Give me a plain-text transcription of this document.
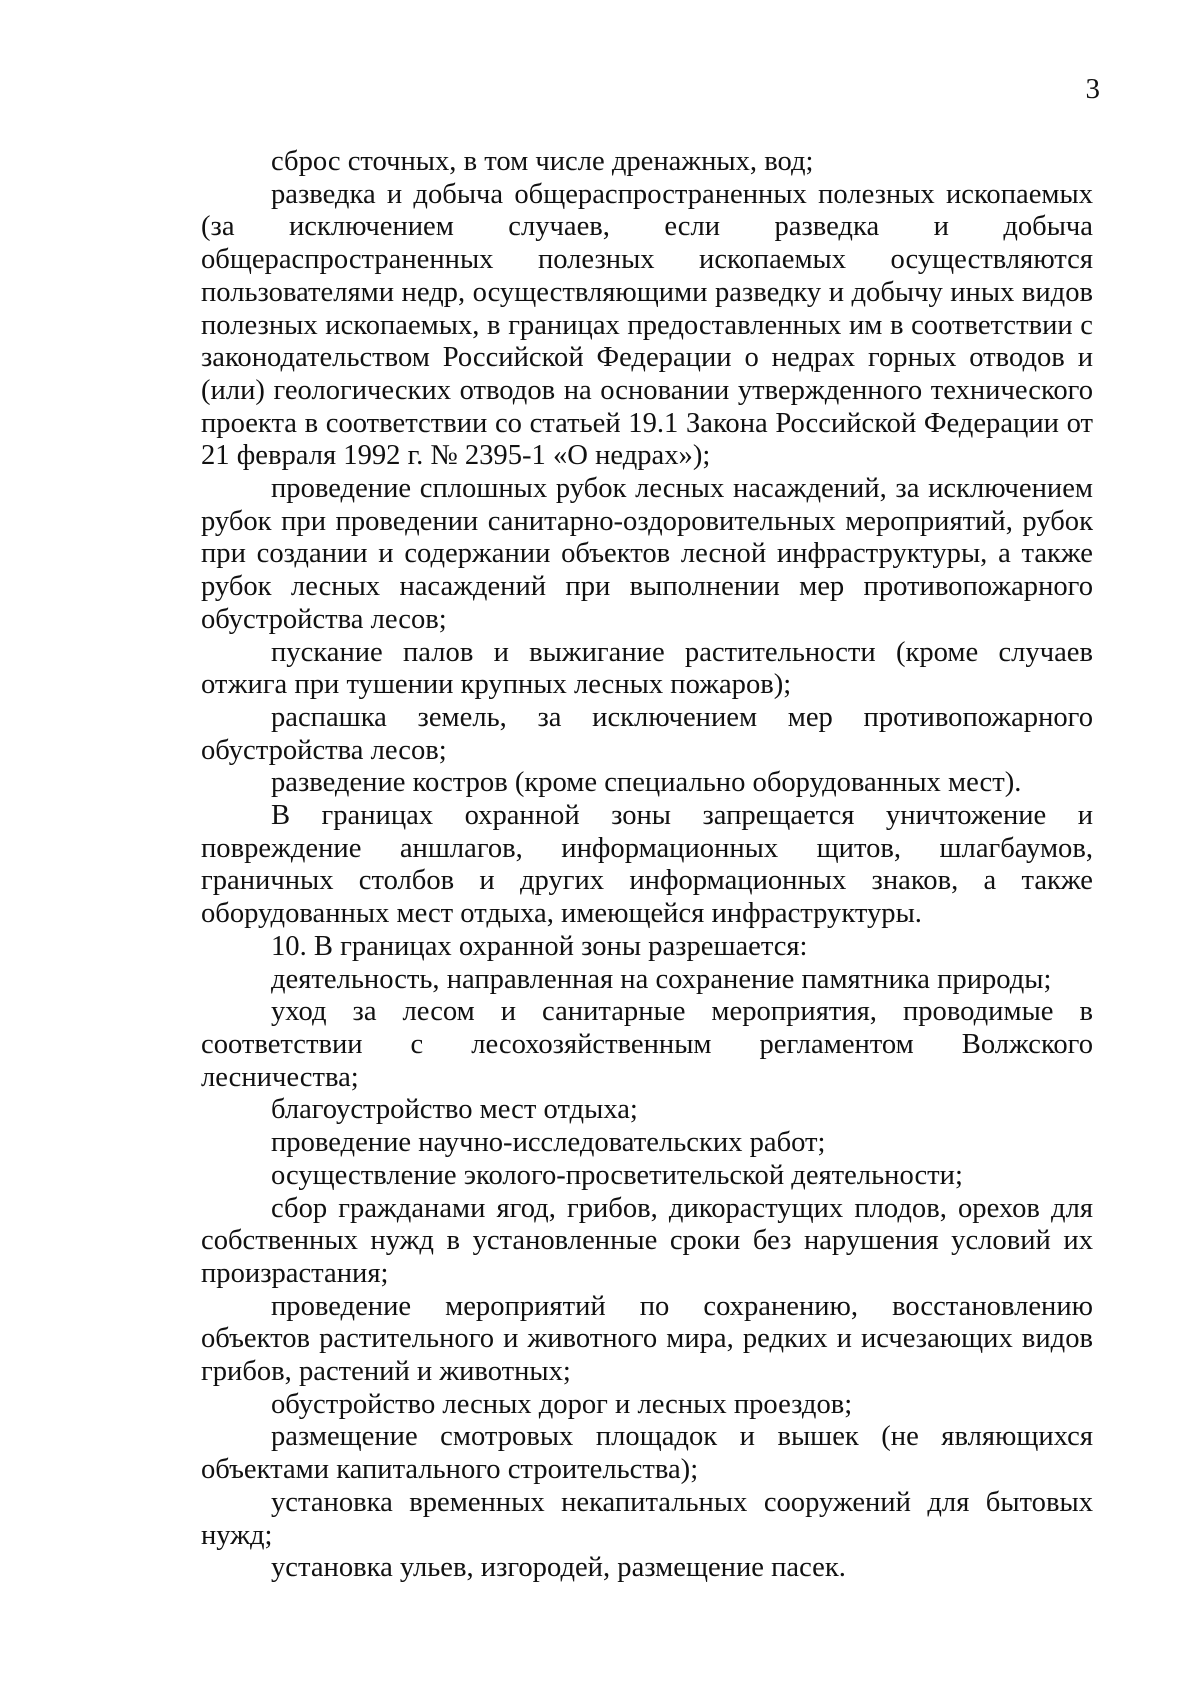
3

сброс сточных, в том числе дренажных, вод;

разведка и добыча общераспространенных полезных ископаемых (за исключением случаев, если разведка и добыча общераспространенных полезных ископаемых осуществляются пользователями недр, осуществляющими разведку и добычу иных видов полезных ископаемых, в границах предоставленных им в соответствии с законодательством Российской Федерации о недрах горных отводов и (или) геологических отводов на основании утвержденного технического проекта в соответствии со статьей 19.1 Закона Российской Федерации от 21 февраля 1992 г. № 2395-1 «О недрах»);

проведение сплошных рубок лесных насаждений, за исключением рубок при проведении санитарно-оздоровительных мероприятий, рубок при создании и содержании объектов лесной инфраструктуры, а также рубок лесных насаждений при выполнении мер противопожарного обустройства лесов;

пускание палов и выжигание растительности (кроме случаев отжига при тушении крупных лесных пожаров);

распашка земель, за исключением мер противопожарного обустройства лесов;

разведение костров (кроме специально оборудованных мест).

В границах охранной зоны запрещается уничтожение и повреждение аншлагов, информационных щитов, шлагбаумов, граничных столбов и других информационных знаков, а также оборудованных мест отдыха, имеющейся инфраструктуры.

10. В границах охранной зоны разрешается:

деятельность, направленная на сохранение памятника природы;

уход за лесом и санитарные мероприятия, проводимые в соответствии с лесохозяйственным регламентом Волжского лесничества;

благоустройство мест отдыха;

проведение научно-исследовательских работ;

осуществление эколого-просветительской деятельности;

сбор гражданами ягод, грибов, дикорастущих плодов, орехов для собственных нужд в установленные сроки без нарушения условий их произрастания;

проведение мероприятий по сохранению, восстановлению объектов растительного и животного мира, редких и исчезающих видов грибов, растений и животных;

обустройство лесных дорог и лесных проездов;

размещение смотровых площадок и вышек (не являющихся объектами капитального строительства);

установка временных некапитальных сооружений для бытовых нужд;

установка ульев, изгородей, размещение пасек.
